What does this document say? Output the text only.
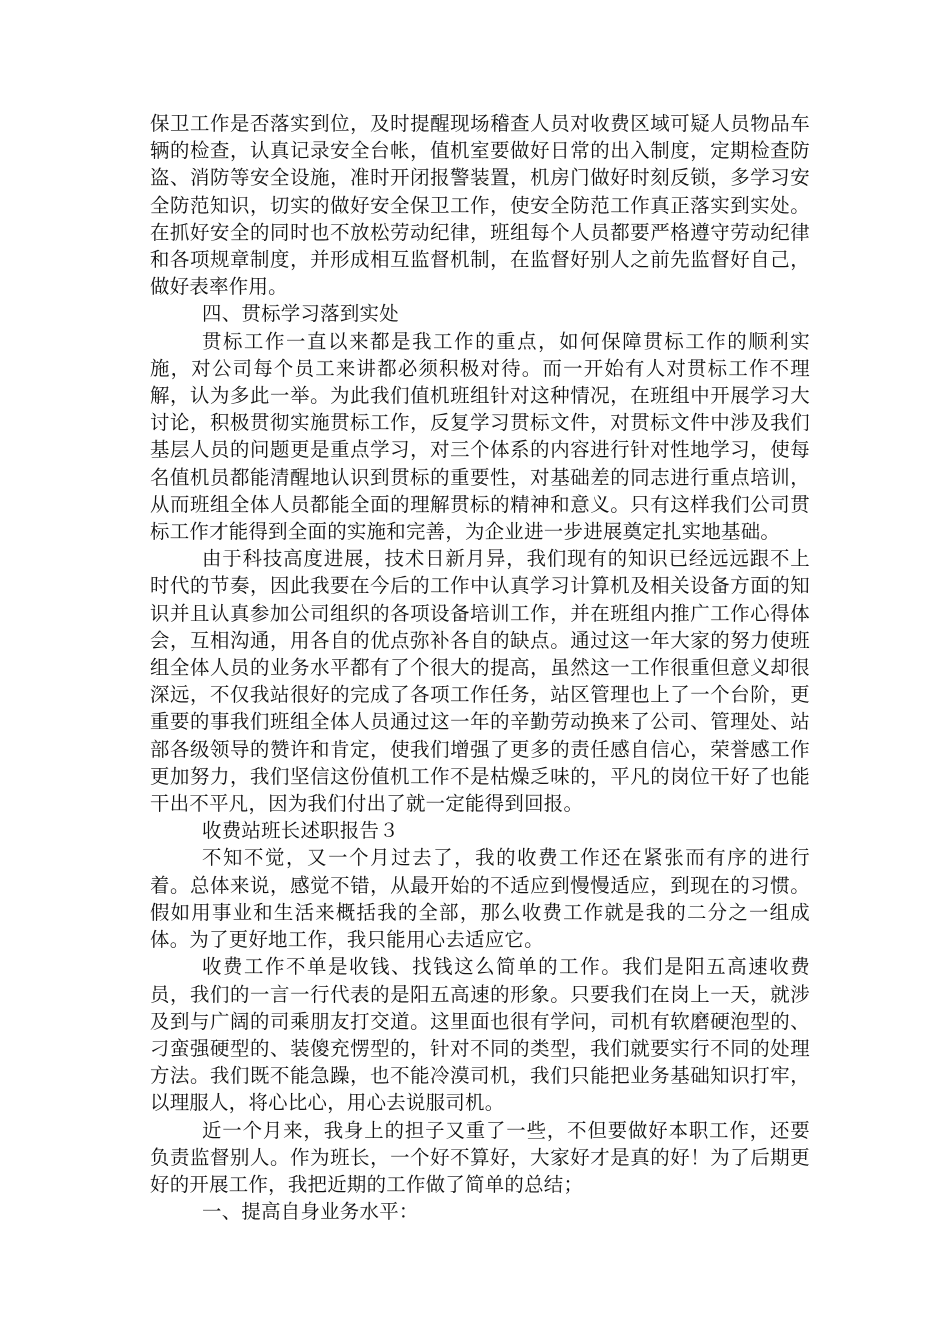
保卫工作是否落实到位，及时提醒现场稽查人员对收费区域可疑人员物品车辆的检查，认真记录安全台帐，值机室要做好日常的出入制度，定期检查防盗、消防等安全设施，准时开闭报警装置，机房门做好时刻反锁，多学习安全防范知识，切实的做好安全保卫工作，使安全防范工作真正落实到实处。在抓好安全的同时也不放松劳动纪律，班组每个人员都要严格遵守劳动纪律和各项规章制度，并形成相互监督机制，在监督好别人之前先监督好自己，做好表率作用。

四、贯标学习落到实处

贯标工作一直以来都是我工作的重点，如何保障贯标工作的顺利实施，对公司每个员工来讲都必须积极对待。而一开始有人对贯标工作不理解，认为多此一举。为此我们值机班组针对这种情况，在班组中开展学习大讨论，积极贯彻实施贯标工作，反复学习贯标文件，对贯标文件中涉及我们基层人员的问题更是重点学习，对三个体系的内容进行针对性地学习，使每名值机员都能清醒地认识到贯标的重要性，对基础差的同志进行重点培训，从而班组全体人员都能全面的理解贯标的精神和意义。只有这样我们公司贯标工作才能得到全面的实施和完善，为企业进一步进展奠定扎实地基础。

由于科技高度进展，技术日新月异，我们现有的知识已经远远跟不上时代的节奏，因此我要在今后的工作中认真学习计算机及相关设备方面的知识并且认真参加公司组织的各项设备培训工作，并在班组内推广工作心得体会，互相沟通，用各自的优点弥补各自的缺点。通过这一年大家的努力使班组全体人员的业务水平都有了个很大的提高，虽然这一工作很重但意义却很深远，不仅我站很好的完成了各项工作任务，站区管理也上了一个台阶，更重要的事我们班组全体人员通过这一年的辛勤劳动换来了公司、管理处、站部各级领导的赞许和肯定，使我们增强了更多的责任感自信心，荣誉感工作更加努力，我们坚信这份值机工作不是枯燥乏味的，平凡的岗位干好了也能干出不平凡，因为我们付出了就一定能得到回报。

收费站班长述职报告３

不知不觉，又一个月过去了，我的收费工作还在紧张而有序的进行着。总体来说，感觉不错，从最开始的不适应到慢慢适应，到现在的习惯。假如用事业和生活来概括我的全部，那么收费工作就是我的二分之一组成体。为了更好地工作，我只能用心去适应它。

收费工作不单是收钱、找钱这么简单的工作。我们是阳五高速收费员，我们的一言一行代表的是阳五高速的形象。只要我们在岗上一天，就涉及到与广阔的司乘朋友打交道。这里面也很有学问，司机有软磨硬泡型的、刁蛮强硬型的、装傻充愣型的，针对不同的类型，我们就要实行不同的处理方法。我们既不能急躁，也不能冷漠司机，我们只能把业务基础知识打牢，以理服人，将心比心，用心去说服司机。

近一个月来，我身上的担子又重了一些，不但要做好本职工作，还要负责监督别人。作为班长，一个好不算好，大家好才是真的好！为了后期更好的开展工作，我把近期的工作做了简单的总结；

一、提高自身业务水平：
